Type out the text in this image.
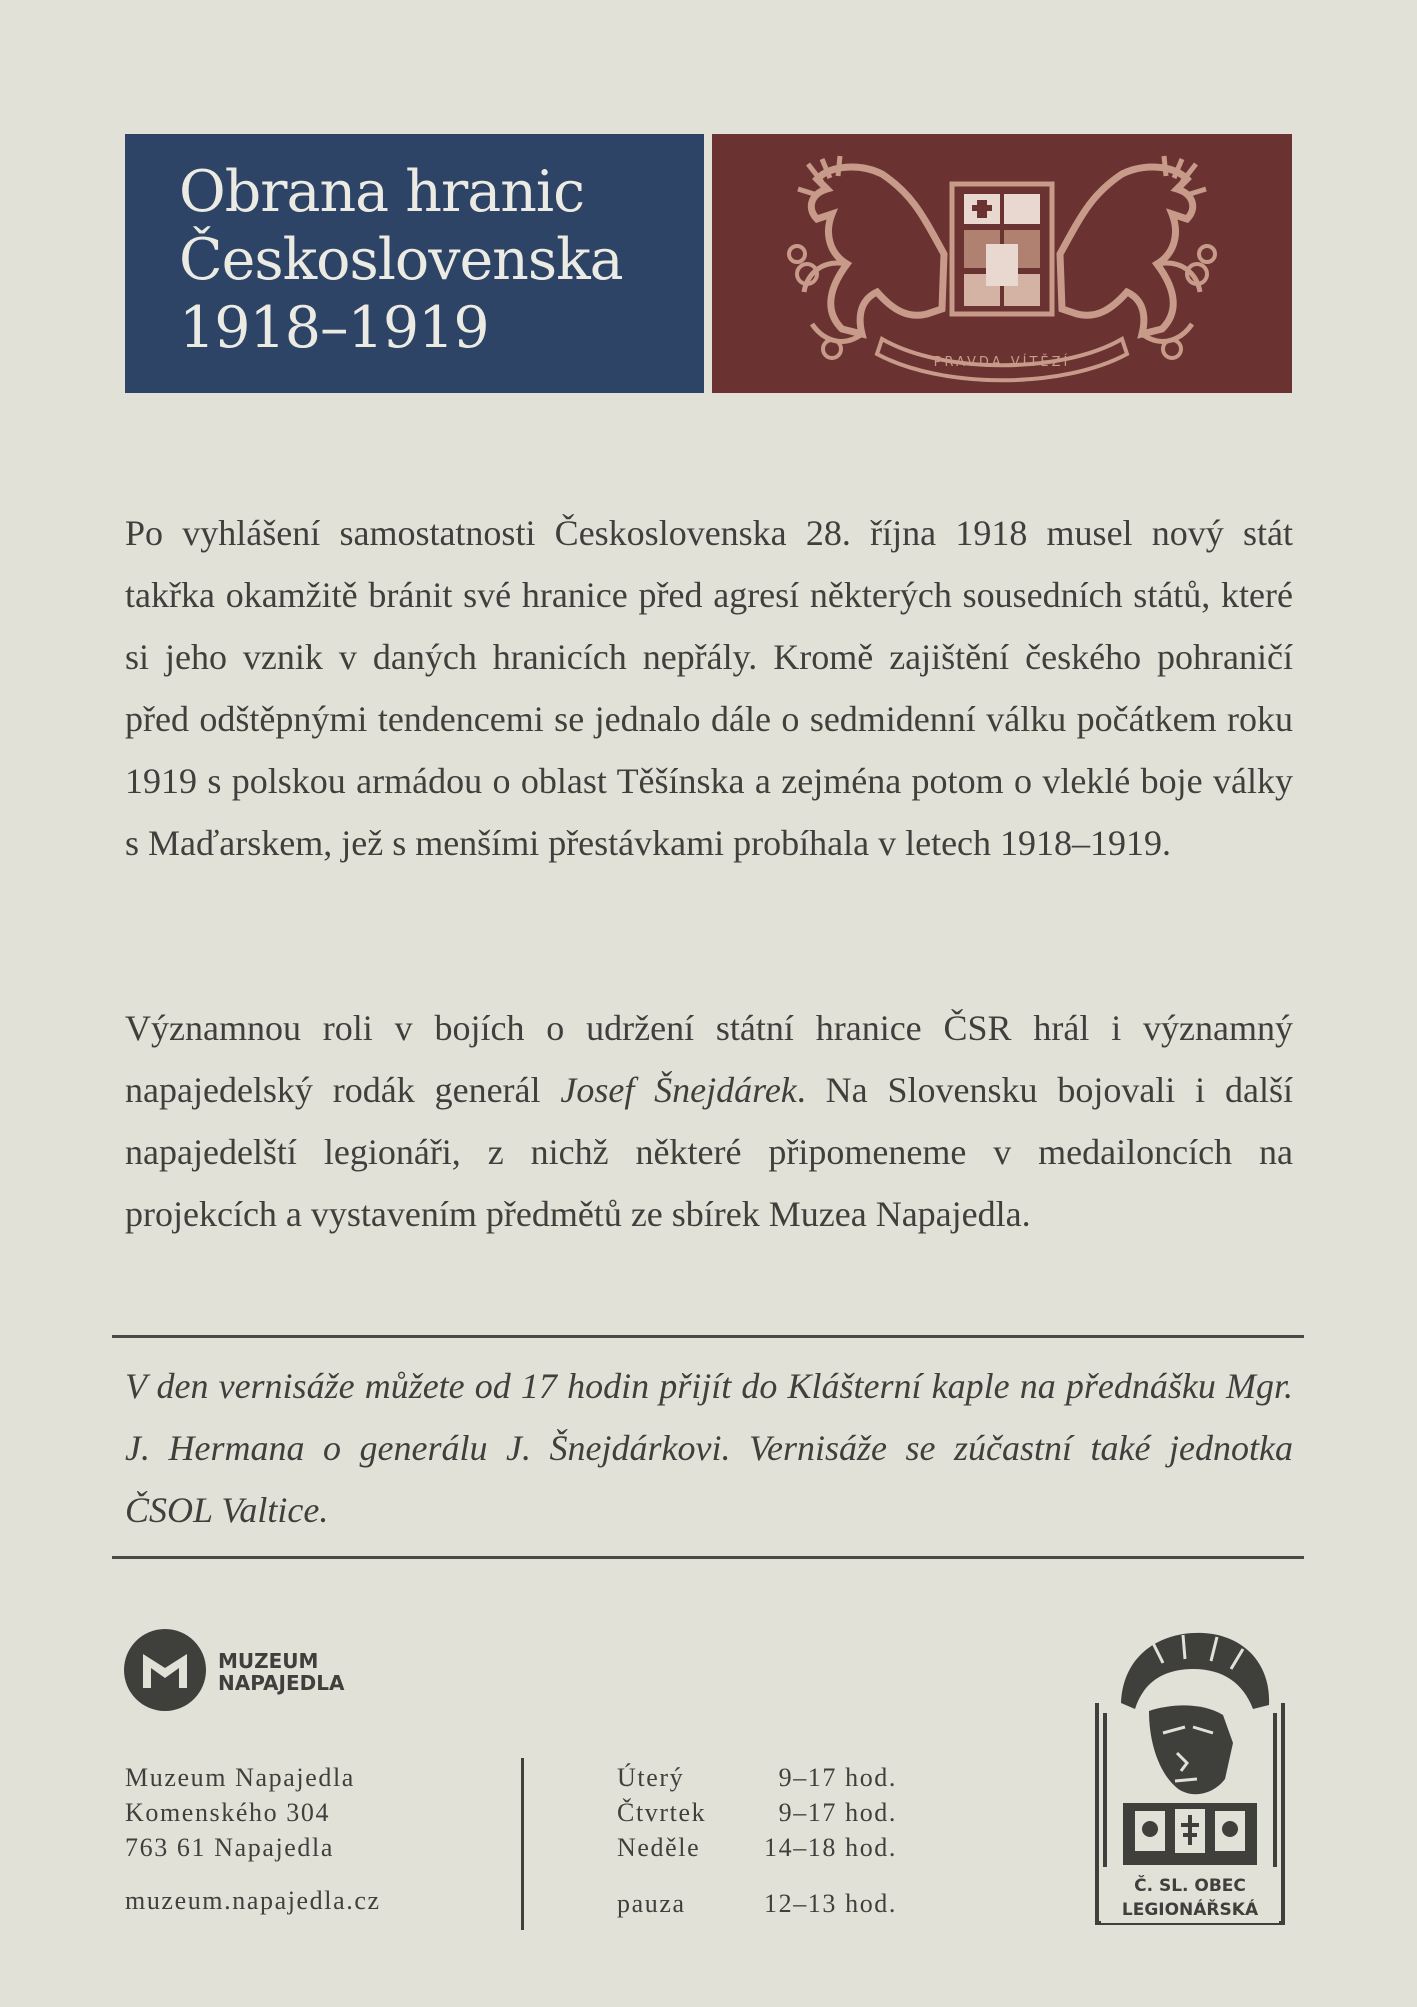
Obrana hranic
Československa
1918–1919
PRAVDA VÍTĚZÍ

Po vyhlášení samostatnosti Československa 28. října 1918 musel nový stát takřka okamžitě bránit své hranice před agresí některých sousedních států, které si jeho vznik v daných hranicích nepřály. Kromě zajištění českého pohraničí před odštěpnými tendencemi se jednalo dále o sedmidenní válku počátkem roku 1919 s polskou armádou o oblast Těšínska a zejména potom o vleklé boje války s Maďarskem, jež s menšími přestávkami probíhala v letech 1918–1919.

Významnou roli v bojích o udržení státní hranice ČSR hrál i významný napajedelský rodák generál Josef Šnejdárek. Na Slovensku bojovali i další napajedelští legionáři, z nichž některé připomeneme v medailoncích na projekcích a vystavením předmětů ze sbírek Muzea Napajedla.

V den vernisáže můžete od 17 hodin přijít do Klášterní kaple na přednášku Mgr. J. Hermana o generálu J. Šnejdárkovi. Vernisáže se zúčastní také jednotka ČSOL Valtice.

MUZEUM
NAPAJEDLA
Muzeum Napajedla
Komenského 304
763 61 Napajedla
muzeum.napajedla.cz
Úterý	9–17 hod.
Čtvrtek	9–17 hod.
Neděle 14–18 hod.
pauza	12–13 hod.
Č. SL. OBEC
LEGIONÁŘSKÁ
